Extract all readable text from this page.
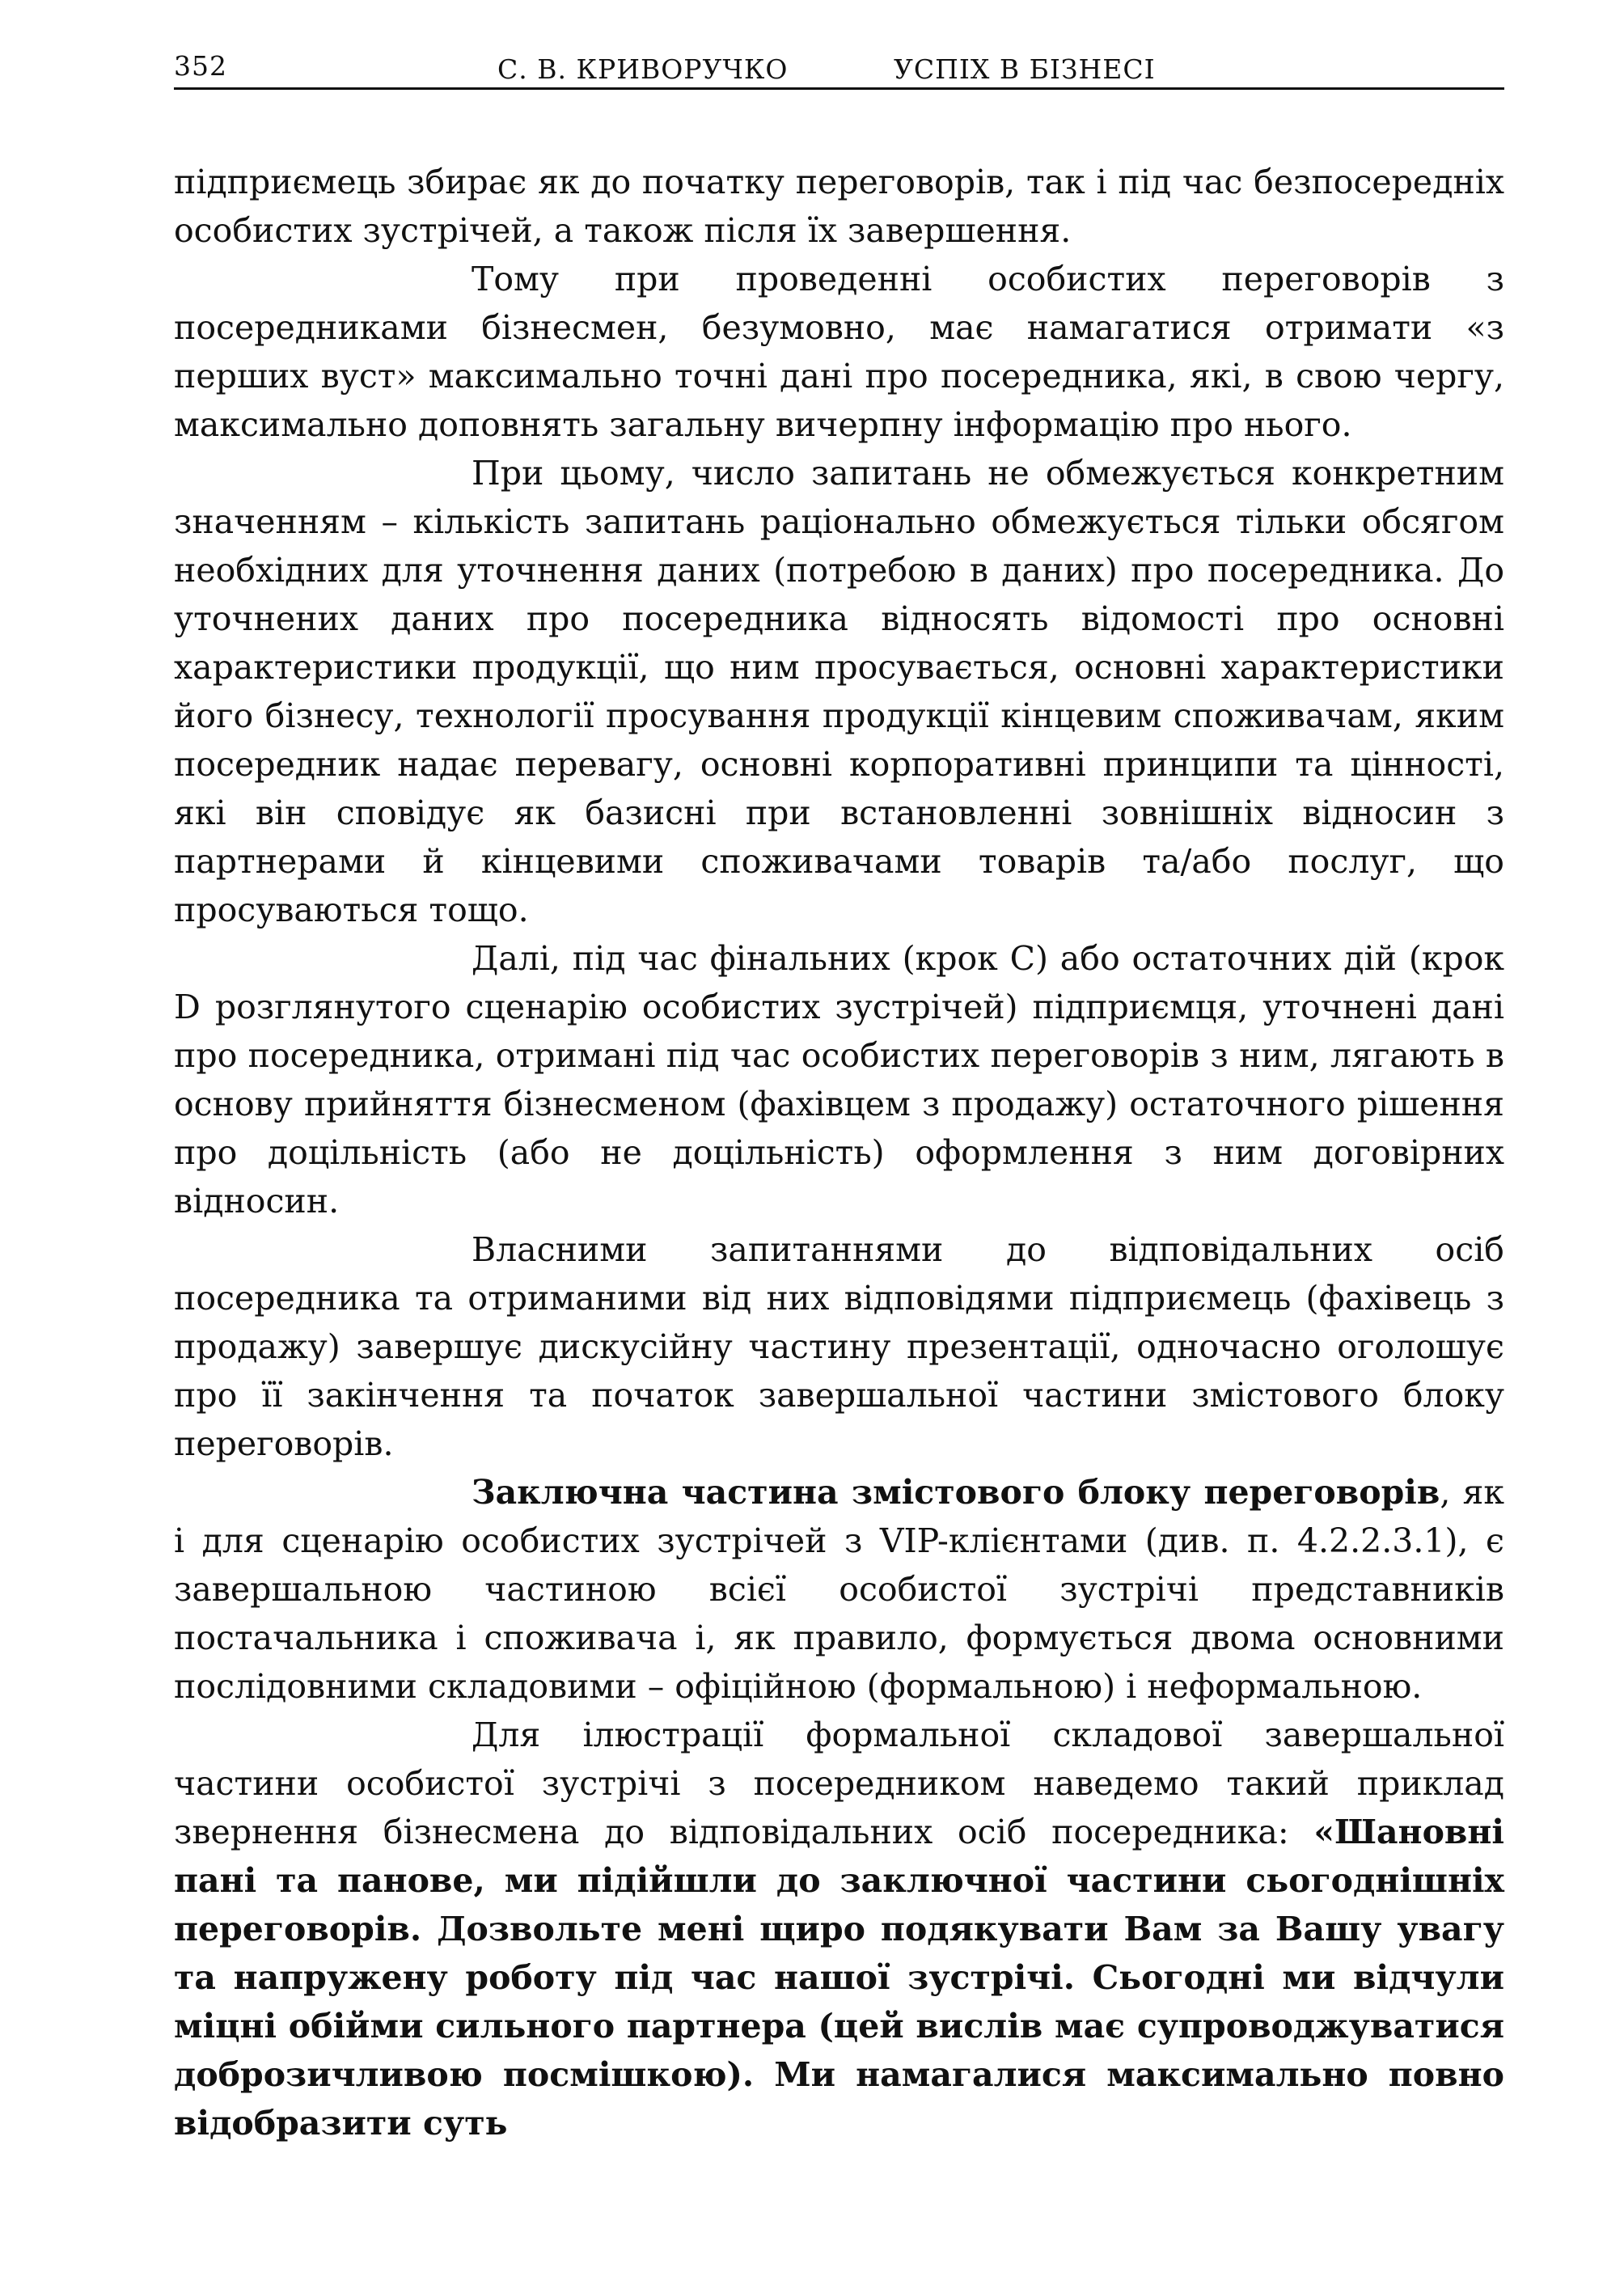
352	С. В. КРИВОРУЧКО	УСПІХ В БІЗНЕСІ

підприємець збирає як до початку переговорів, так і під час безпосередніх особистих зустрічей, а також після їх завершення.

Тому при проведенні особистих переговорів з посередниками бізнесмен, безумовно, має намагатися отримати «з перших вуст» максимально точні дані про посередника, які, в свою чергу, максимально доповнять загальну вичерпну інформацію про нього.

При цьому, число запитань не обмежується конкретним значенням – кількість запитань раціонально обмежується тільки обсягом необхідних для уточнення даних (потребою в даних) про посередника. До уточнених даних про посередника відносять відомості про основні характеристики продукції, що ним просувається, основні характеристики його бізнесу, технології просування продукції кінцевим споживачам, яким посередник надає перевагу, основні корпоративні принципи та цінності, які він сповідує як базисні при встановленні зовнішніх відносин з партнерами й кінцевими споживачами товарів та/або послуг, що просуваються тощо.

Далі, під час фінальних (крок С) або остаточних дій (крок D розглянутого сценарію особистих зустрічей) підприємця, уточнені дані про посередника, отримані під час особистих переговорів з ним, лягають в основу прийняття бізнесменом (фахівцем з продажу) остаточного рішення про доцільність (або не доцільність) оформлення з ним договірних відносин.

Власними запитаннями до відповідальних осіб посередника та отриманими від них відповідями підприємець (фахівець з продажу) завершує дискусійну частину презентації, одночасно оголошує про її закінчення та початок завершальної частини змістового блоку переговорів.

Заключна частина змістового блоку переговорів, як і для сценарію особистих зустрічей з VIP-клієнтами (див. п. 4.2.2.3.1), є завершальною частиною всієї особистої зустрічі представників постачальника і споживача і, як правило, формується двома основними послідовними складовими – офіційною (формальною) і неформальною.

Для ілюстрації формальної складової завершальної частини особистої зустрічі з посередником наведемо такий приклад звернення бізнесмена до відповідальних осіб посередника: «Шановні пані та панове, ми підійшли до заключної частини сьогоднішніх переговорів. Дозвольте мені щиро подякувати Вам за Вашу увагу та напружену роботу під час нашої зустрічі. Сьогодні ми відчули міцні обійми сильного партнера (цей вислів має супроводжуватися доброзичливою посмішкою). Ми намагалися максимально повно відобразити суть
